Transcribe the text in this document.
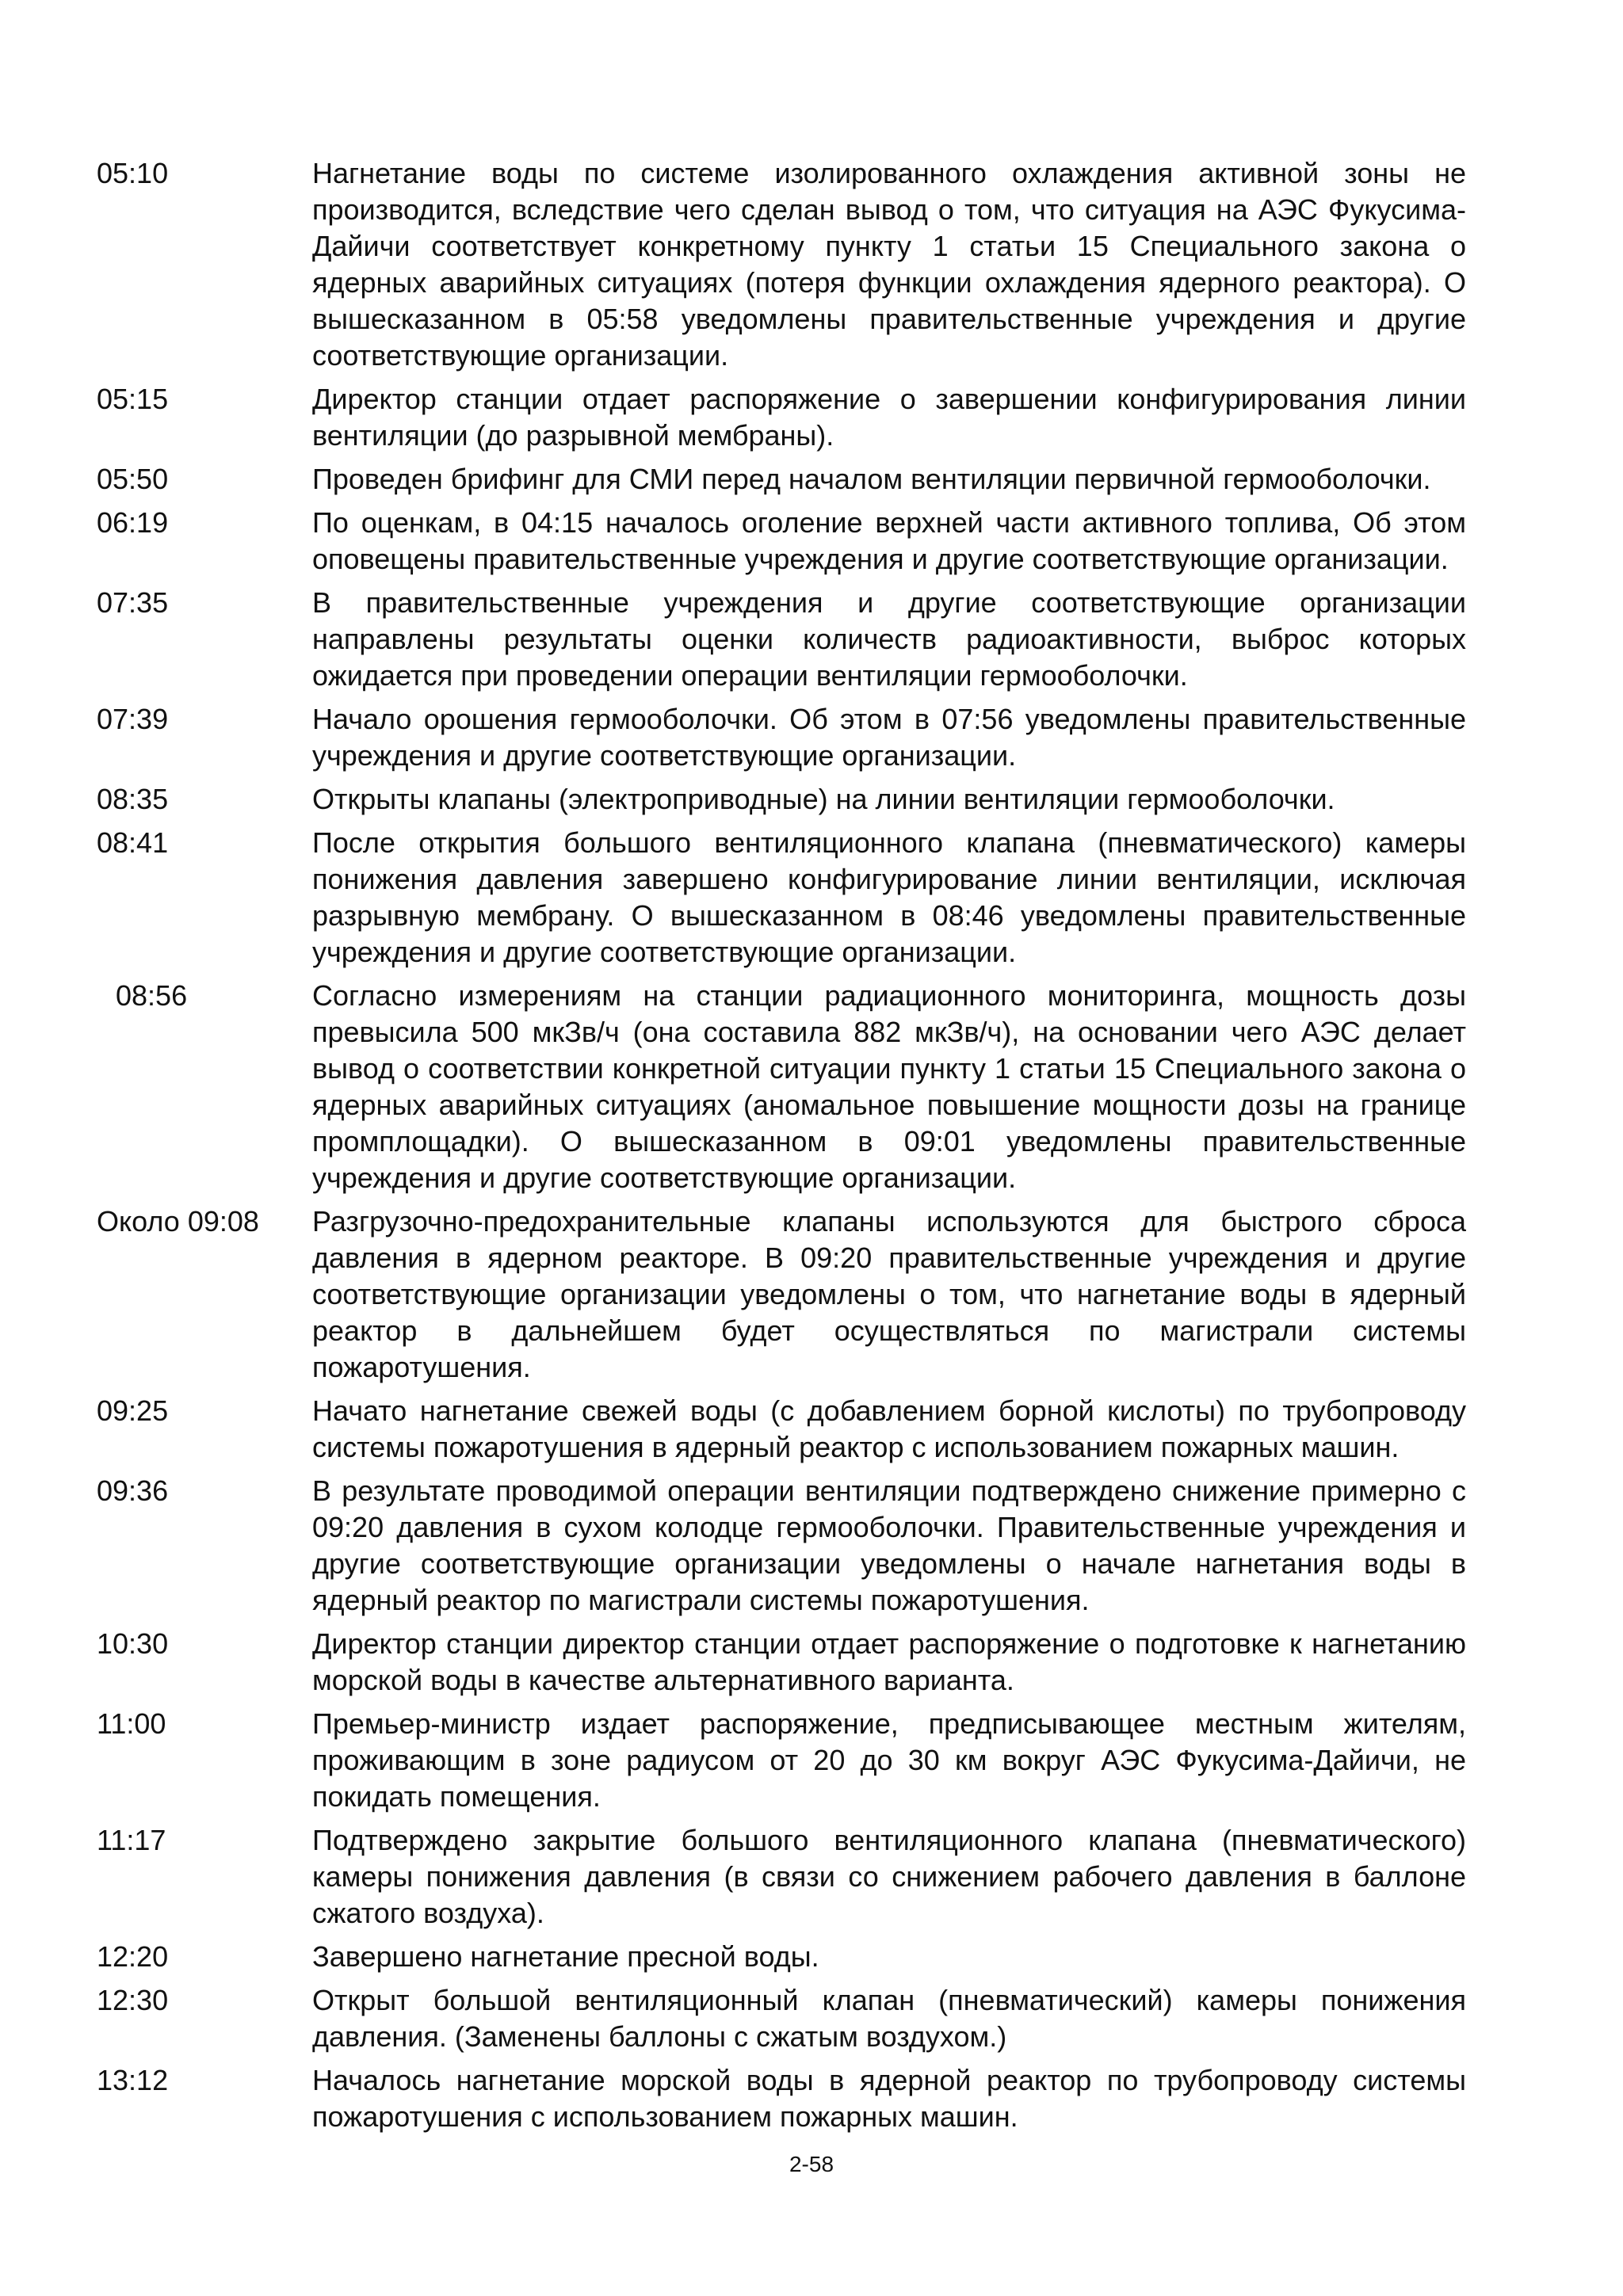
05:10	Нагнетание воды по системе изолированного охлаждения активной зоны не производится, вследствие чего сделан вывод о том, что ситуация на АЭС Фукусима-Дайичи соответствует конкретному пункту 1 статьи 15 Специального закона о ядерных аварийных ситуациях (потеря функции охлаждения ядерного реактора). О вышесказанном в 05:58 уведомлены правительственные учреждения и другие соответствующие организации.
05:15	Директор станции отдает распоряжение о завершении конфигурирования линии вентиляции (до разрывной мембраны).
05:50	Проведен брифинг для СМИ перед началом вентиляции первичной гермооболочки.
06:19	По оценкам, в 04:15 началось оголение верхней части активного топлива, Об этом оповещены правительственные учреждения и другие соответствующие организации.
07:35	В правительственные учреждения и другие соответствующие организации направлены результаты оценки количеств радиоактивности, выброс которых ожидается при проведении операции вентиляции гермооболочки.
07:39	Начало орошения гермооболочки. Об этом в 07:56 уведомлены правительственные учреждения и другие соответствующие организации.
08:35	Открыты клапаны (электроприводные) на линии вентиляции гермооболочки.
08:41	После открытия большого вентиляционного клапана (пневматического) камеры понижения давления завершено конфигурирование линии вентиляции, исключая разрывную мембрану. О вышесказанном в 08:46 уведомлены правительственные учреждения и другие соответствующие организации.
08:56	Согласно измерениям на станции радиационного мониторинга, мощность дозы превысила 500 мкЗв/ч (она составила 882 мкЗв/ч), на основании чего АЭС делает вывод о соответствии конкретной ситуации пункту 1 статьи 15 Специального закона о ядерных аварийных ситуациях (аномальное повышение мощности дозы на границе промплощадки). О вышесказанном в 09:01 уведомлены правительственные учреждения и другие соответствующие организации.
Около 09:08	Разгрузочно-предохранительные клапаны используются для быстрого сброса давления в ядерном реакторе. В 09:20 правительственные учреждения и другие соответствующие организации уведомлены о том, что нагнетание воды в ядерный реактор в дальнейшем будет осуществляться по магистрали системы пожаротушения.
09:25	Начато нагнетание свежей воды (с добавлением борной кислоты) по трубопроводу системы пожаротушения в ядерный реактор с использованием пожарных машин.
09:36	В результате проводимой операции вентиляции подтверждено снижение примерно с 09:20 давления в сухом колодце гермооболочки. Правительственные учреждения и другие соответствующие организации уведомлены о начале нагнетания воды в ядерный реактор по магистрали системы пожаротушения.
10:30	Директор станции директор станции отдает распоряжение о подготовке к нагнетанию морской воды в качестве альтернативного варианта.
11:00	Премьер-министр издает распоряжение, предписывающее местным жителям, проживающим в зоне радиусом от 20 до 30 км вокруг АЭС Фукусима-Дайичи, не покидать помещения.
11:17	Подтверждено закрытие большого вентиляционного клапана (пневматического) камеры понижения давления (в связи со снижением рабочего давления в баллоне сжатого воздуха).
12:20	Завершено нагнетание пресной воды.
12:30	Открыт большой вентиляционный клапан (пневматический) камеры понижения давления. (Заменены баллоны с сжатым воздухом.)
13:12	Началось нагнетание морской воды в ядерной реактор по трубопроводу системы пожаротушения с использованием пожарных машин.
2-58
